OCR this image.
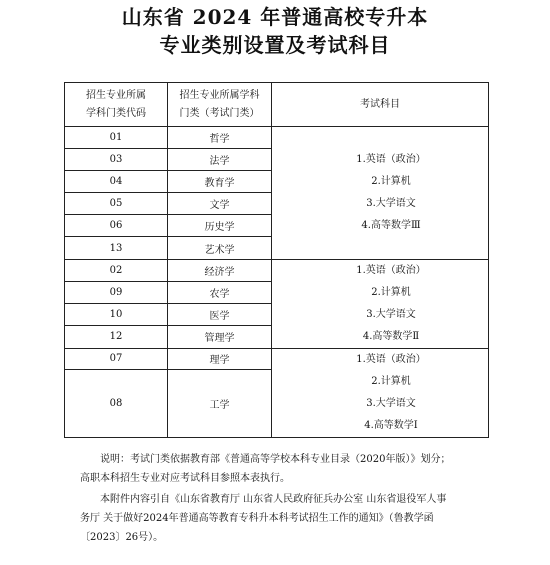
山东省 2024 年普通高校专升本
专业类别设置及考试科目
招生专业所属
学科门类代码	招生专业所属学科
门类（考试门类）	考试科目
01	哲学	1.英语（政治）
2.计算机
3.大学语文
4.高等数学Ⅲ

03	法学	
04	教育学	
05	文学	
06	历史学	
13	艺术学	
02	经济学	1.英语（政治）
2.计算机
3.大学语文
4.高等数学Ⅱ

09	农学	
10	医学	
12	管理学	
07	理学	1.英语（政治）
2.计算机
3.大学语文
4.高等数学Ⅰ

08	工学	

说明：考试门类依据教育部《普通高等学校本科专业目录（2020年版）》划分；

高职本科招生专业对应考试科目参照本表执行。

本附件内容引自《山东省教育厅 山东省人民政府征兵办公室 山东省退役军人事

务厅 关于做好2024年普通高等教育专科升本科考试招生工作的通知》（鲁教学函

〔2023〕26号）。
